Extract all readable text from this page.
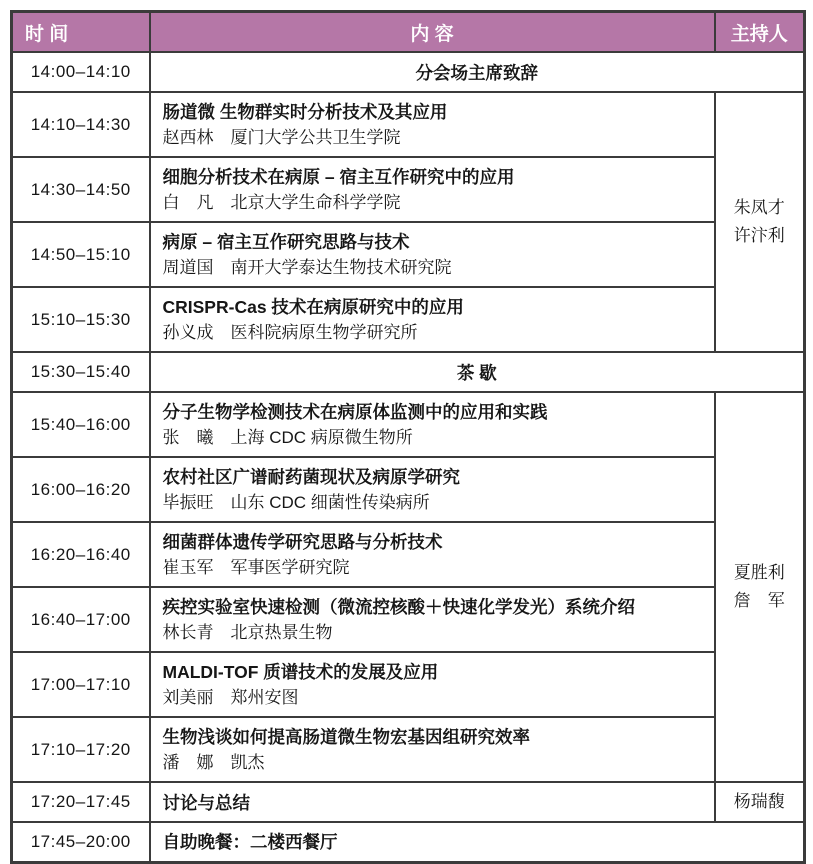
时 间	内 容	主持人
14:00–14:10	分会场主席致辞	
14:10–14:30	肠道微 生物群实时分析技术及其应用
赵西林　厦门大学公共卫生学院	朱凤才
许汴利

14:30–14:50	细胞分析技术在病原 – 宿主互作研究中的应用
白　凡　北京大学生命科学学院	

14:50–15:10	病原 – 宿主互作研究思路与技术
周道国　南开大学泰达生物技术研究院	

15:10–15:30	CRISPR-Cas 技术在病原研究中的应用
孙义成　医科院病原生物学研究所	

15:30–15:40	茶 歇	
15:40–16:00	分子生物学检测技术在病原体监测中的应用和实践
张　曦　上海 CDC 病原微生物所	夏胜利
詹　军

16:00–16:20	农村社区广谱耐药菌现状及病原学研究
毕振旺　山东 CDC 细菌性传染病所	

16:20–16:40	细菌群体遗传学研究思路与分析技术
崔玉军　军事医学研究院	

16:40–17:00	疾控实验室快速检测（微流控核酸＋快速化学发光）系统介绍
林长青　北京热景生物	

17:00–17:10	MALDI-TOF 质谱技术的发展及应用
刘美丽　郑州安图	

17:10–17:20	生物浅谈如何提高肠道微生物宏基因组研究效率
潘　娜　凯杰	

17:20–17:45	讨论与总结	杨瑞馥

17:45–20:00	自助晚餐：二楼西餐厅	
